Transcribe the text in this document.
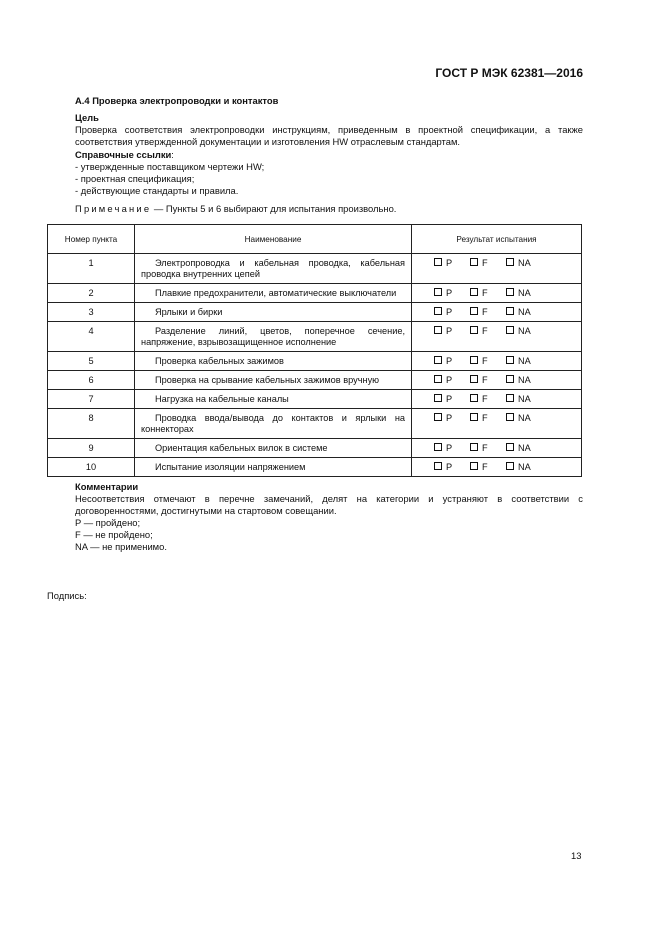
ГОСТ Р МЭК 62381—2016
А.4 Проверка электропроводки и контактов
Цель
Проверка соответствия электропроводки инструкциям, приведенным в проектной спецификации, а также соответствия утвержденной документации и изготовления HW отраслевым стандартам.
Справочные ссылки:
- утвержденные поставщиком чертежи HW;
- проектная спецификация;
- действующие стандарты и правила.
Примечание — Пункты 5 и 6 выбирают для испытания произвольно.
Номер пункта	Наименование	Результат испытания
1	Электропроводка и кабельная проводка, кабельная проводка внутренних цепей	P F NA
2	Плавкие предохранители, автоматические выключатели	P F NA
3	Ярлыки и бирки	P F NA
4	Разделение линий, цветов, поперечное сечение, напряжение, взрывозащищенное исполнение	P F NA
5	Проверка кабельных зажимов	P F NA
6	Проверка на срывание кабельных зажимов вручную	P F NA
7	Нагрузка на кабельные каналы	P F NA
8	Проводка ввода/вывода до контактов и ярлыки на коннекторах	P F NA
9	Ориентация кабельных вилок в системе	P F NA
10	Испытание изоляции напряжением	P F NA
Комментарии
Несоответствия отмечают в перечне замечаний, делят на категории и устраняют в соответствии с договоренностями, достигнутыми на стартовом совещании.
P — пройдено;
F — не пройдено;
NA — не применимо.
Подпись:
13
